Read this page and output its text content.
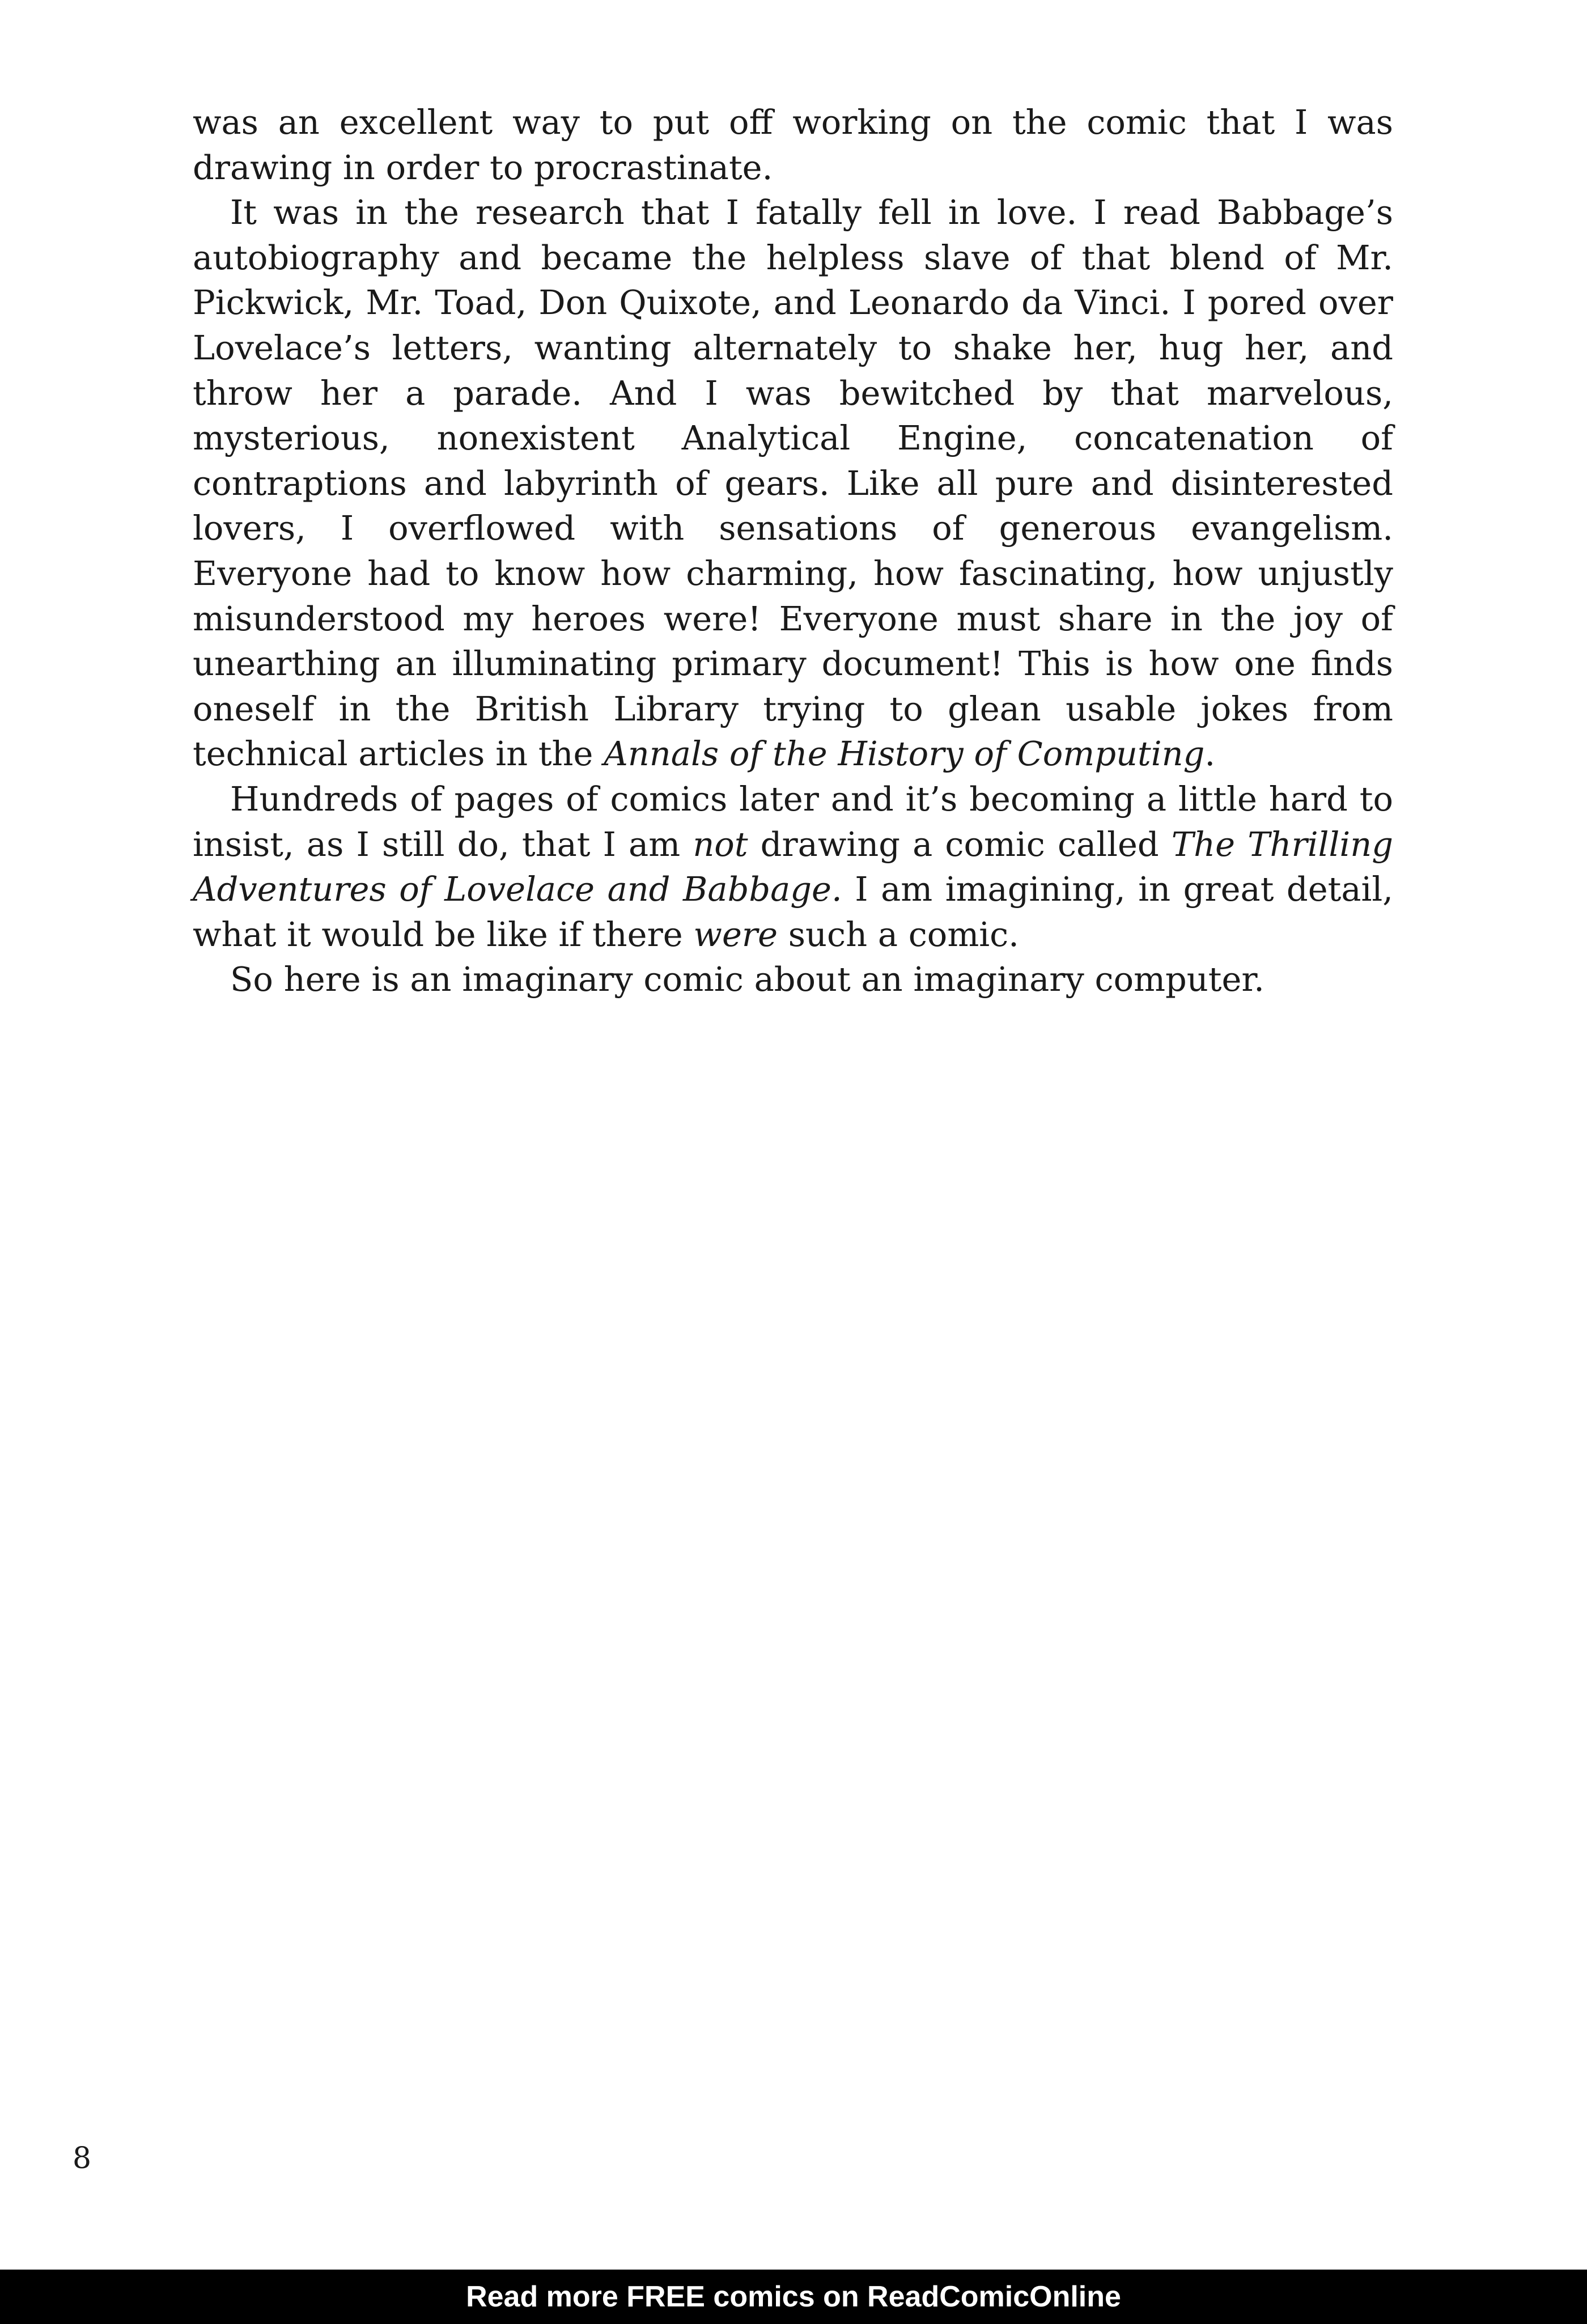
was an excellent way to put off working on the comic that I was drawing in order to procrastinate.

It was in the research that I fatally fell in love. I read Babbage’s autobiography and became the helpless slave of that blend of Mr. Pickwick, Mr. Toad, Don Quixote, and Leonardo da Vinci. I pored over Lovelace’s letters, wanting alternately to shake her, hug her, and throw her a parade. And I was bewitched by that marvelous, mysterious, nonexistent Analytical Engine, concatenation of contraptions and labyrinth of gears. Like all pure and disinterested lovers, I overflowed with sensations of generous evangelism. Everyone had to know how charming, how fascinating, how unjustly misunderstood my heroes were! Everyone must share in the joy of unearthing an illuminating primary document! This is how one finds oneself in the British Library trying to glean usable jokes from technical articles in the Annals of the History of Computing.

Hundreds of pages of comics later and it’s becoming a little hard to insist, as I still do, that I am not drawing a comic called The Thrilling Adventures of Lovelace and Babbage. I am imagining, in great detail, what it would be like if there were such a comic.

So here is an imaginary comic about an imaginary computer.

8
Read more FREE comics on ReadComicOnline
